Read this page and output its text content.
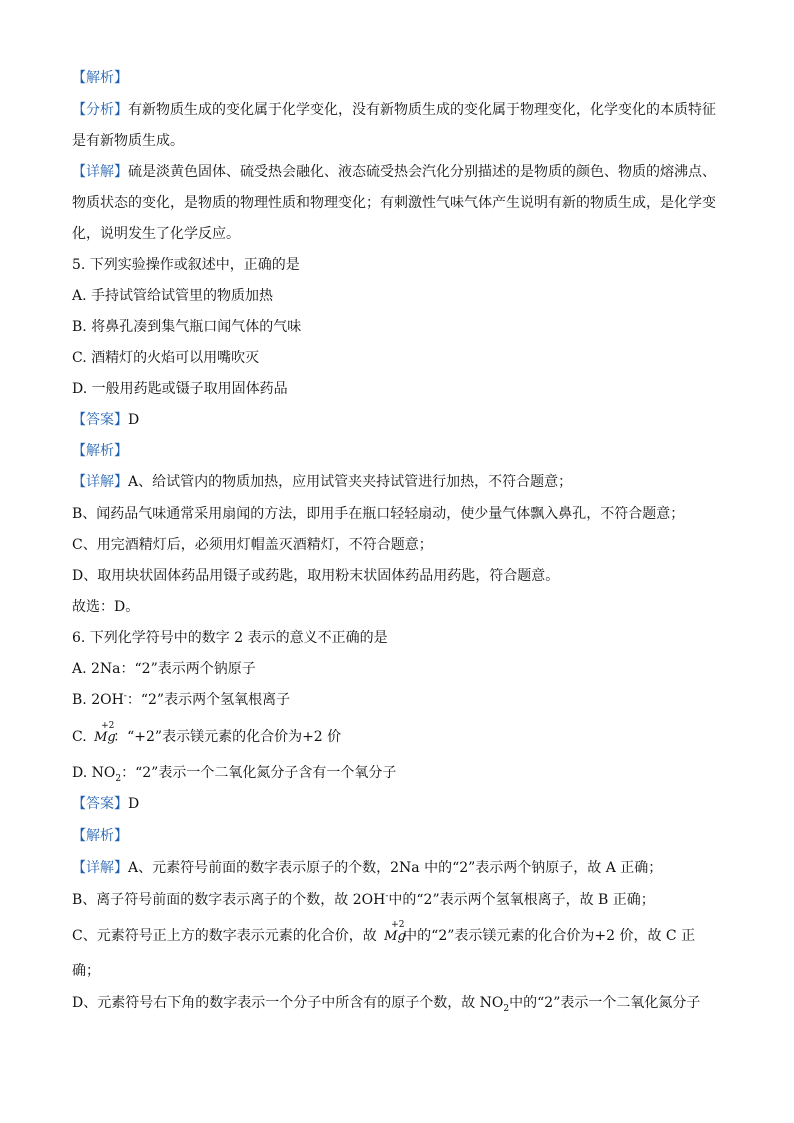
【解析】
【分析】有新物质生成的变化属于化学变化，没有新物质生成的变化属于物理变化，化学变化的本质特征
是有新物质生成。
【详解】硫是淡黄色固体、硫受热会融化、液态硫受热会汽化分别描述的是物质的颜色、物质的熔沸点、
物质状态的变化，是物质的物理性质和物理变化；有刺激性气味气体产生说明有新的物质生成，是化学变
化，说明发生了化学反应。
5. 下列实验操作或叙述中，正确的是
A. 手持试管给试管里的物质加热
B. 将鼻孔凑到集气瓶口闻气体的气味
C. 酒精灯的火焰可以用嘴吹灭
D. 一般用药匙或镊子取用固体药品
【答案】D
【解析】
【详解】A、给试管内的物质加热，应用试管夹夹持试管进行加热，不符合题意；
B、闻药品气味通常采用扇闻的方法，即用手在瓶口轻轻扇动，使少量气体飘入鼻孔，不符合题意；
C、用完酒精灯后，必须用灯帽盖灭酒精灯，不符合题意；
D、取用块状固体药品用镊子或药匙，取用粉末状固体药品用药匙，符合题意。
故选：D。
6. 下列化学符号中的数字 2 表示的意义不正确的是
A. 2Na：“2”表示两个钠原子
B. 2OH-：“2”表示两个氢氧根离子
C.
+2
Mg
：“+2”表示镁元素的化合价为+2 价
D. $NO_2$：“2”表示一个二氧化氮分子含有一个氧分子
【答案】D
【解析】
【详解】A、元素符号前面的数字表示原子的个数，2Na 中的“2”表示两个钠原子，故 A 正确；
B、离子符号前面的数字表示离子的个数，故 2OH-中的“2”表示两个氢氧根离子，故 B 正确；
C、元素符号正上方的数字表示元素的化合价，故
+2
Mg
中的“2”表示镁元素的化合价为+2 价，故 C 正
确；
D、元素符号右下角的数字表示一个分子中所含有的原子个数，故 $NO_2$中的“2”表示一个二氧化氮分子
